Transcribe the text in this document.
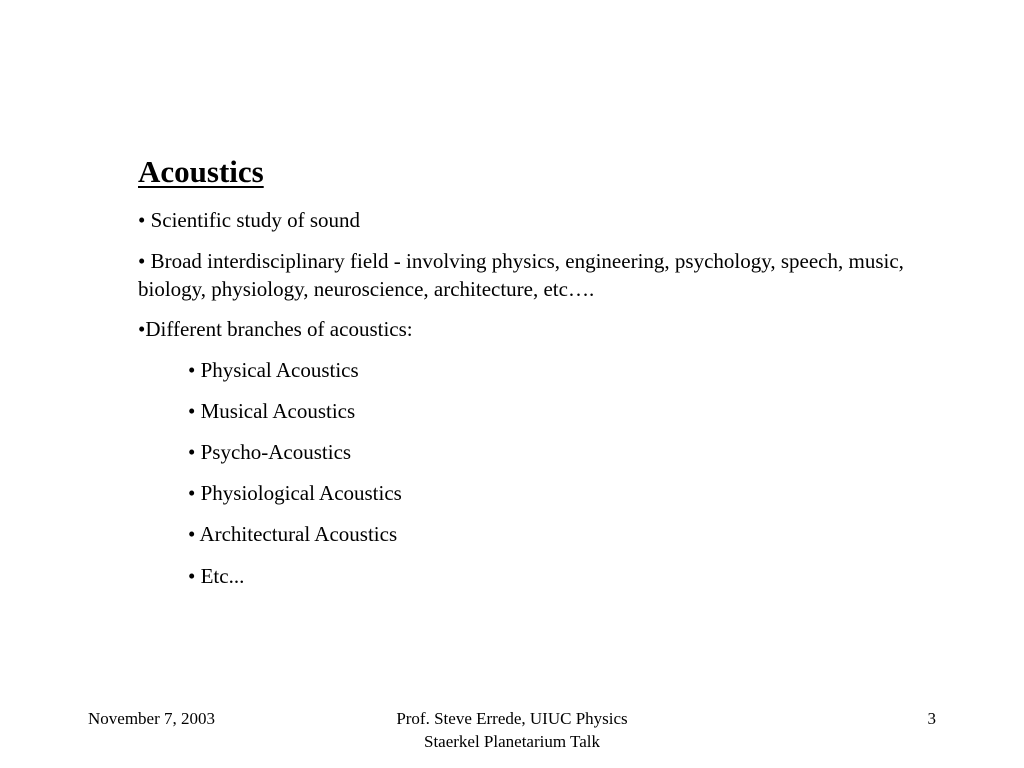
Acoustics

• Scientific study of sound

• Broad interdisciplinary field - involving physics, engineering, psychology, speech, music, biology, physiology, neuroscience, architecture, etc….

•Different branches of acoustics:

• Physical Acoustics

• Musical Acoustics

• Psycho-Acoustics

• Physiological Acoustics

• Architectural Acoustics

• Etc...

November 7, 2003	Prof. Steve Errede, UIUC Physics
Staerkel Planetarium Talk

3
